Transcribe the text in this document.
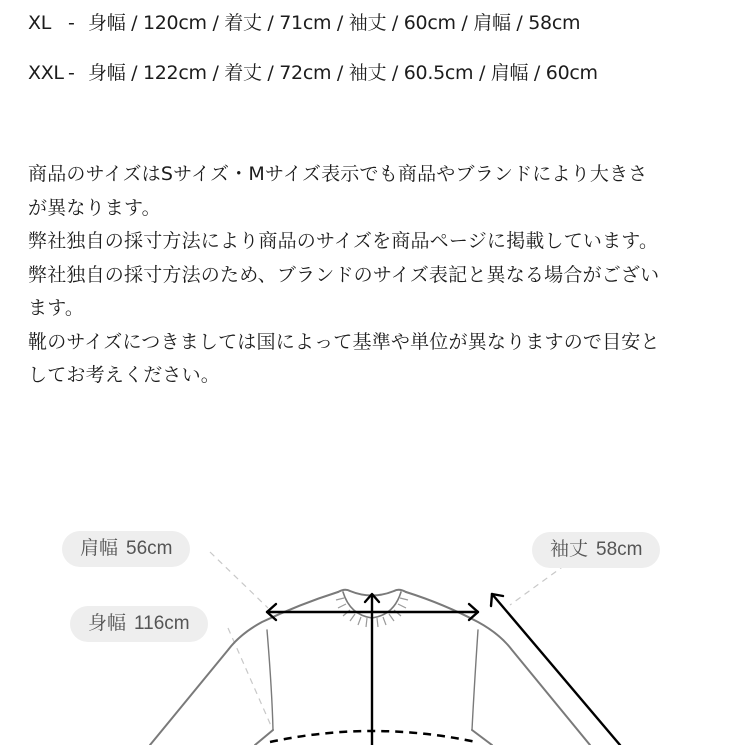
XL - 身幅 / 120cm / 着丈 / 71cm / 袖丈 / 60cm / 肩幅 / 58cm
XXL - 身幅 / 122cm / 着丈 / 72cm / 袖丈 / 60.5cm / 肩幅 / 60cm

商品のサイズはSサイズ・Mサイズ表示でも商品やブランドにより大きさ

が異なります。

弊社独自の採寸方法により商品のサイズを商品ページに掲載しています。

弊社独自の採寸方法のため、ブランドのサイズ表記と異なる場合がござい

ます。

靴のサイズにつきましては国によって基準や単位が異なりますので目安と

してお考えください。

肩幅 56cm
身幅 116cm
袖丈 58cm
